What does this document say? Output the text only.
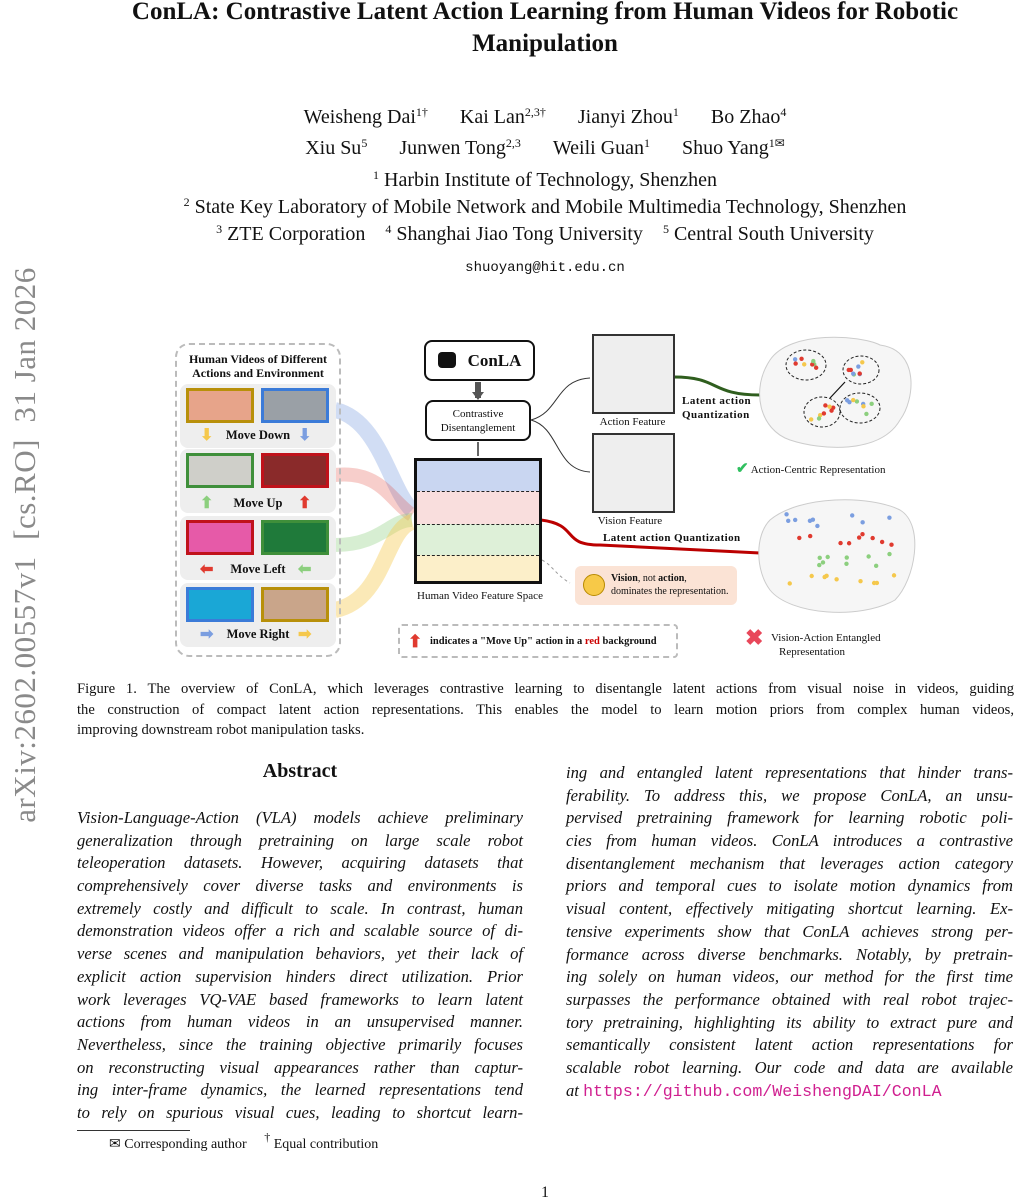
ConLA: Contrastive Latent Action Learning from Human Videos for Robotic
Manipulation
Weisheng Dai$^{1\dagger}$ Kai Lan$^{2,3\dagger}$ Jianyi Zhou$^1$ Bo Zhao$^4$
Xiu Su$^5$ Junwen Tong$^{2,3}$ Weili Guan$^1$ Shuo Yang$^{1✉}$
$^1$ Harbin Institute of Technology, Shenzhen
$^2$ State Key Laboratory of Mobile Network and Mobile Multimedia Technology, Shenzhen
$^3$ ZTE Corporation $^4$ Shanghai Jiao Tong University $^5$ Central South University
shuoyang@hit.edu.cn
arXiv:2602.00557v1  [cs.RO]  31 Jan 2026	Human Videos of Different
Actions and Environment
Move Down
⬇	⬇
Move Up
⬆	⬆
Move Left
⬅	⬅
Move Right
➡	➡
ConLA
Contrastive
Disentanglement
Human Video Feature Space
Action Feature
Vision Feature
Latent action
Quantization
Latent action Quantization
✔ Action-Centric Representation
Vision, not action,
dominates the representation.
⬆ indicates a "Move Up" action in a red background	✖ Vision-Action Entangled
Representation
Figure 1. The overview of ConLA, which leverages contrastive learning to disentangle latent actions from visual noise in videos, guiding
the construction of compact latent action representations. This enables the model to learn motion priors from complex human videos,
improving downstream robot manipulation tasks.
Abstract
Vision-Language-Action (VLA) models achieve preliminary
generalization through pretraining on large scale robot
teleoperation datasets. However, acquiring datasets that
comprehensively cover diverse tasks and environments is
extremely costly and difficult to scale. In contrast, human
demonstration videos offer a rich and scalable source of di-
verse scenes and manipulation behaviors, yet their lack of
explicit action supervision hinders direct utilization. Prior
work leverages VQ-VAE based frameworks to learn latent
actions from human videos in an unsupervised manner.
Nevertheless, since the training objective primarily focuses
on reconstructing visual appearances rather than captur-
ing inter-frame dynamics, the learned representations tend
to rely on spurious visual cues, leading to shortcut learn-
ing and entangled latent representations that hinder trans-
ferability. To address this, we propose ConLA, an unsu-
pervised pretraining framework for learning robotic poli-
cies from human videos. ConLA introduces a contrastive
disentanglement mechanism that leverages action category
priors and temporal cues to isolate motion dynamics from
visual content, effectively mitigating shortcut learning. Ex-
tensive experiments show that ConLA achieves strong per-
formance across diverse benchmarks. Notably, by pretrain-
ing solely on human videos, our method for the first time
surpasses the performance obtained with real robot trajec-
tory pretraining, highlighting its ability to extract pure and
semantically consistent latent action representations for
scalable robot learning. Our code and data are available
at https://github.com/WeishengDAI/ConLA
✉ Corresponding author † Equal contribution
1
